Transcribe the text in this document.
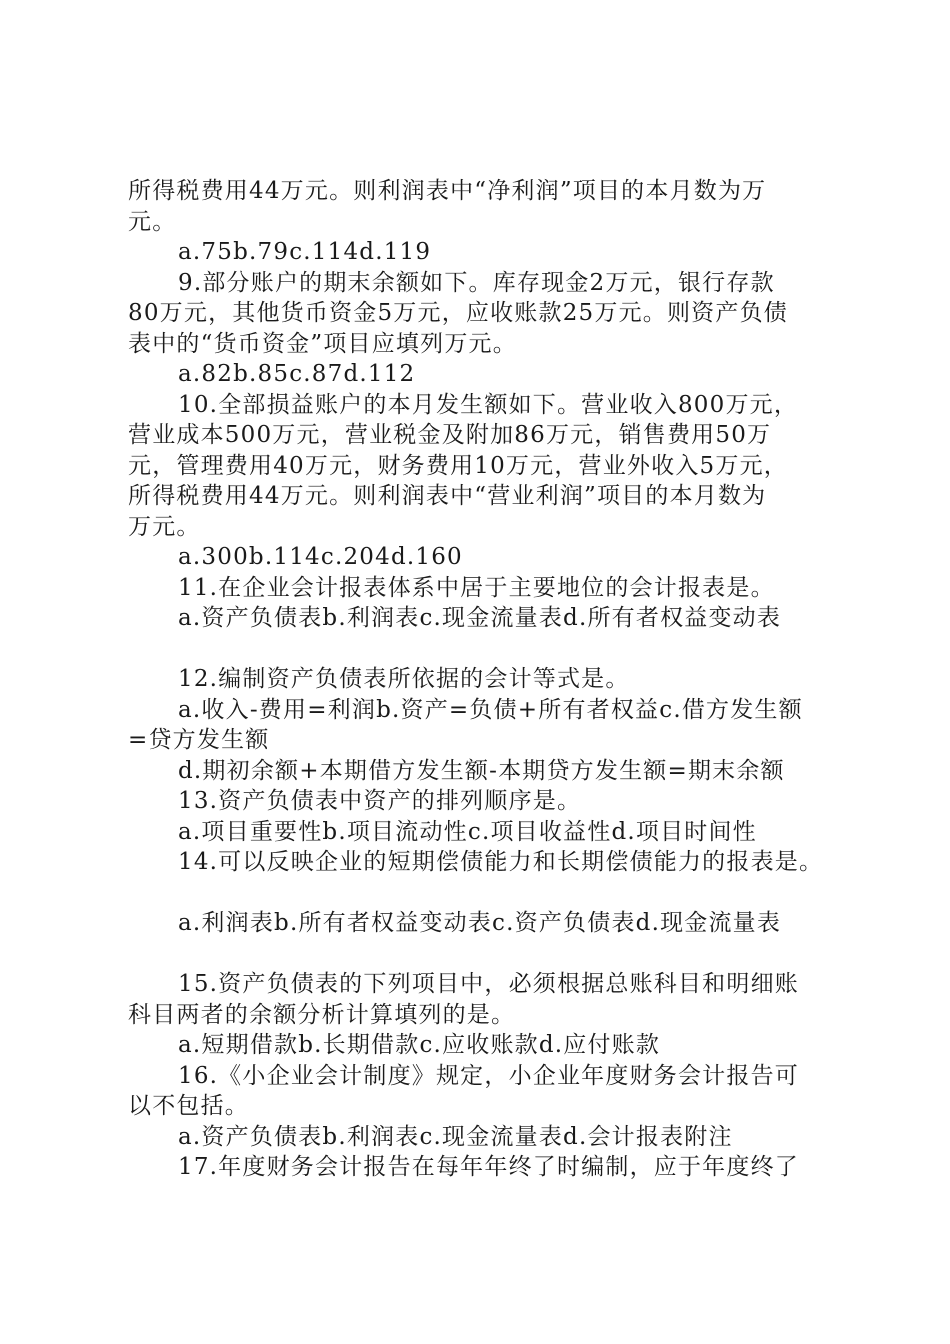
所得税费用44万元。则利润表中“净利润”项目的本月数为万
元。
a.75b.79c.114d.119
9.部分账户的期末余额如下。库存现金2万元，银行存款
80万元，其他货币资金5万元，应收账款25万元。则资产负债
表中的“货币资金”项目应填列万元。
a.82b.85c.87d.112
10.全部损益账户的本月发生额如下。营业收入800万元，
营业成本500万元，营业税金及附加86万元，销售费用50万
元，管理费用40万元，财务费用10万元，营业外收入5万元，
所得税费用44万元。则利润表中“营业利润”项目的本月数为
万元。
a.300b.114c.204d.160
11.在企业会计报表体系中居于主要地位的会计报表是。
a.资产负债表b.利润表c.现金流量表d.所有者权益变动表
12.编制资产负债表所依据的会计等式是。
a.收入-费用=利润b.资产=负债+所有者权益c.借方发生额
=贷方发生额
d.期初余额+本期借方发生额-本期贷方发生额=期末余额
13.资产负债表中资产的排列顺序是。
a.项目重要性b.项目流动性c.项目收益性d.项目时间性
14.可以反映企业的短期偿债能力和长期偿债能力的报表是。
a.利润表b.所有者权益变动表c.资产负债表d.现金流量表
15.资产负债表的下列项目中，必须根据总账科目和明细账
科目两者的余额分析计算填列的是。
a.短期借款b.长期借款c.应收账款d.应付账款
16.《小企业会计制度》规定，小企业年度财务会计报告可
以不包括。
a.资产负债表b.利润表c.现金流量表d.会计报表附注
17.年度财务会计报告在每年年终了时编制，应于年度终了
